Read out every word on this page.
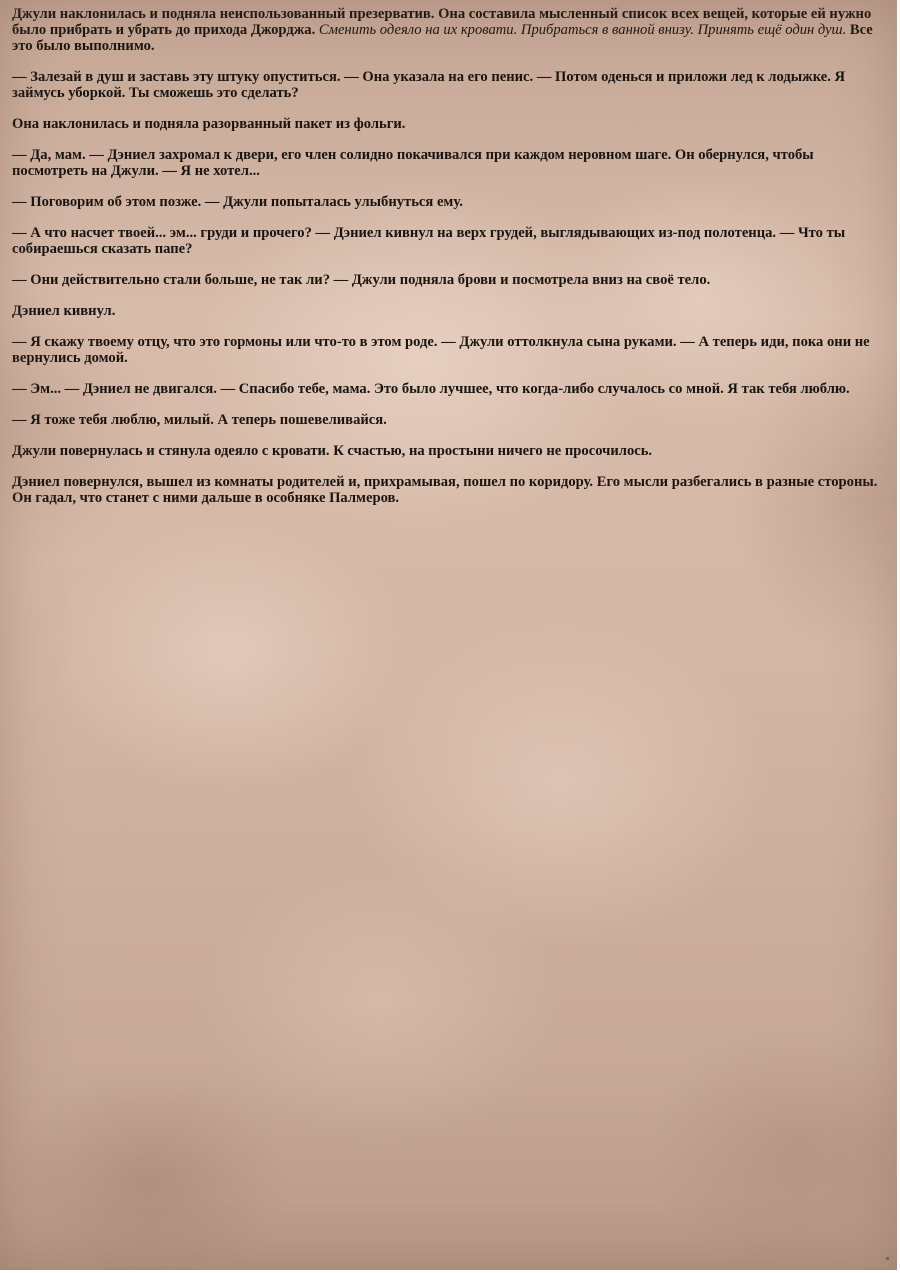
Джули наклонилась и подняла неиспользованный презерватив. Она составила мысленный список всех вещей, которые ей нужно было прибрать и убрать до прихода Джорджа. Сменить одеяло на их кровати. Прибраться в ванной внизу. Принять ещё один душ. Все это было выполнимо.

— Залезай в душ и заставь эту штуку опуститься. — Она указала на его пенис. — Потом оденься и приложи лед к лодыжке. Я займусь уборкой. Ты сможешь это сделать?

Она наклонилась и подняла разорванный пакет из фольги.

— Да, мам. — Дэниел захромал к двери, его член солидно покачивался при каждом неровном шаге. Он обернулся, чтобы посмотреть на Джули. — Я не хотел...

— Поговорим об этом позже. — Джули попыталась улыбнуться ему.

— А что насчет твоей... эм... груди и прочего? — Дэниел кивнул на верх грудей, выглядывающих из-под полотенца. — Что ты собираешься сказать папе?

— Они действительно стали больше, не так ли? — Джули подняла брови и посмотрела вниз на своё тело.

Дэниел кивнул.

— Я скажу твоему отцу, что это гормоны или что-то в этом роде. — Джули оттолкнула сына руками. — А теперь иди, пока они не вернулись домой.

— Эм... — Дэниел не двигался. — Спасибо тебе, мама. Это было лучшее, что когда-либо случалось со мной. Я так тебя люблю.

— Я тоже тебя люблю, милый. А теперь пошевеливайся.

Джули повернулась и стянула одеяло с кровати. К счастью, на простыни ничего не просочилось.

Дэниел повернулся, вышел из комнаты родителей и, прихрамывая, пошел по коридору. Его мысли разбегались в разные стороны. Он гадал, что станет с ними дальше в особняке Палмеров.
